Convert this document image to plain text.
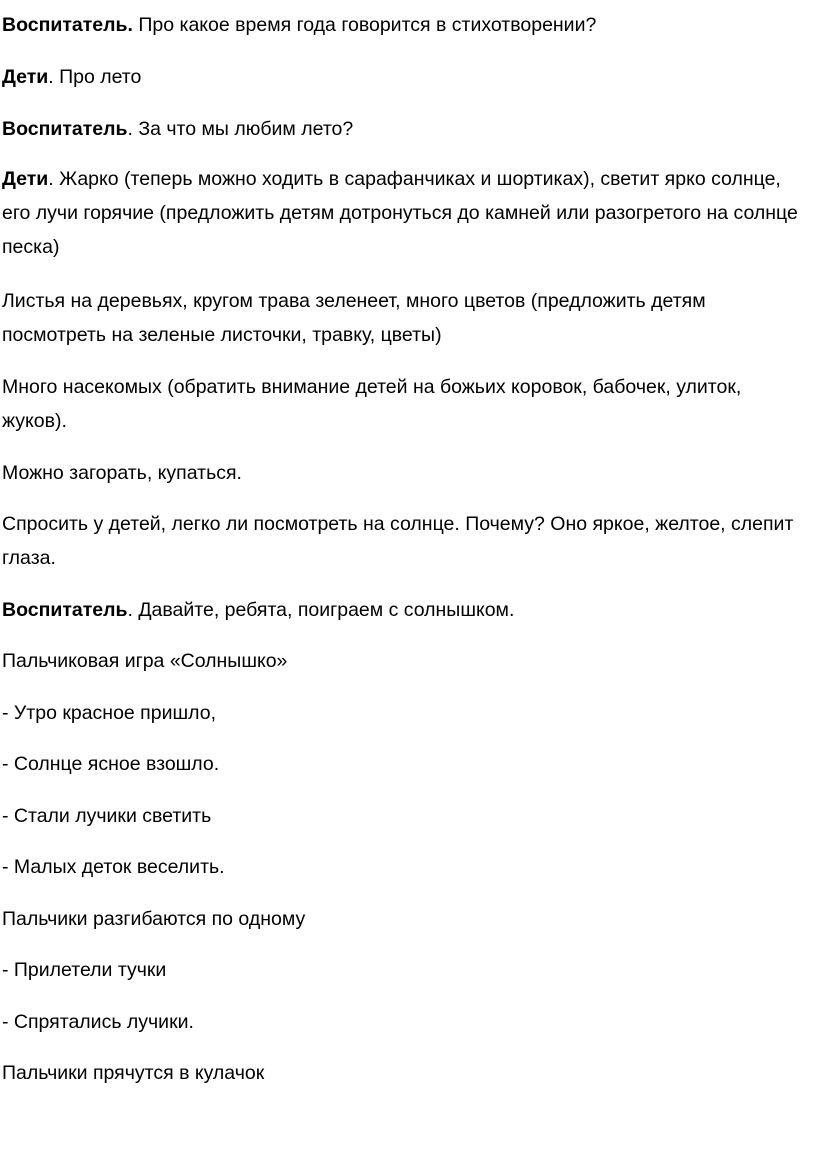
Воспитатель. Про какое время года говорится в стихотворении?

Дети. Про лето

Воспитатель. За что мы любим лето?

Дети. Жарко (теперь можно ходить в сарафанчиках и шортиках), светит ярко солнце, его лучи горячие (предложить детям дотронуться до камней или разогретого на солнце песка)

Листья на деревьях, кругом трава зеленеет, много цветов (предложить детям посмотреть на зеленые листочки, травку, цветы)

Много насекомых (обратить внимание детей на божьих коровок, бабочек, улиток, жуков).

Можно загорать, купаться.

Спросить у детей, легко ли посмотреть на солнце. Почему? Оно яркое, желтое, слепит глаза.

Воспитатель. Давайте, ребята, поиграем с солнышком.

Пальчиковая игра «Солнышко»

- Утро красное пришло,

- Солнце ясное взошло.

- Стали лучики светить

- Малых деток веселить.

Пальчики разгибаются по одному

- Прилетели тучки

- Спрятались лучики.

Пальчики прячутся в кулачок
